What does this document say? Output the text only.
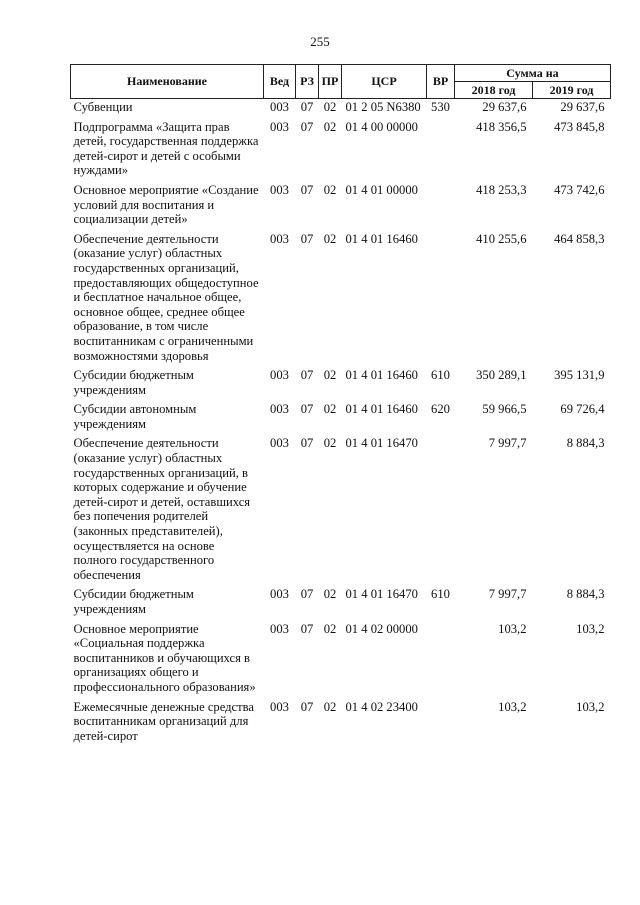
255
Наименование	Вед	РЗ	ПР	ЦСР	ВР	Сумма на	
						2018 год	2019 год
Субвенции	003	07	02	01 2 05 N6380	530	29 637,6	29 637,6
Подпрограмма «Защита прав детей, государственная поддержка детей-сирот и детей с особыми нуждами»	003	07	02	01 4 00 00000		418 356,5	473 845,8
Основное мероприятие «Создание условий для воспитания и социализации детей»	003	07	02	01 4 01 00000		418 253,3	473 742,6
Обеспечение деятельности (оказание услуг) областных государственных организаций, предоставляющих общедоступное и бесплатное начальное общее, основное общее, среднее общее образование, в том числе воспитанникам с ограниченными возможностями здоровья	003	07	02	01 4 01 16460		410 255,6	464 858,3
Субсидии бюджетным учреждениям	003	07	02	01 4 01 16460	610	350 289,1	395 131,9
Субсидии автономным учреждениям	003	07	02	01 4 01 16460	620	59 966,5	69 726,4
Обеспечение деятельности (оказание услуг) областных государственных организаций, в которых содержание и обучение детей-сирот и детей, оставшихся без попечения родителей (законных представителей), осуществляется на основе полного государственного обеспечения	003	07	02	01 4 01 16470		7 997,7	8 884,3
Субсидии бюджетным учреждениям	003	07	02	01 4 01 16470	610	7 997,7	8 884,3
Основное мероприятие «Социальная поддержка воспитанников и обучающихся в организациях общего и профессионального образования»	003	07	02	01 4 02 00000		103,2	103,2
Ежемесячные денежные средства воспитанникам организаций для детей-сирот	003	07	02	01 4 02 23400		103,2	103,2
